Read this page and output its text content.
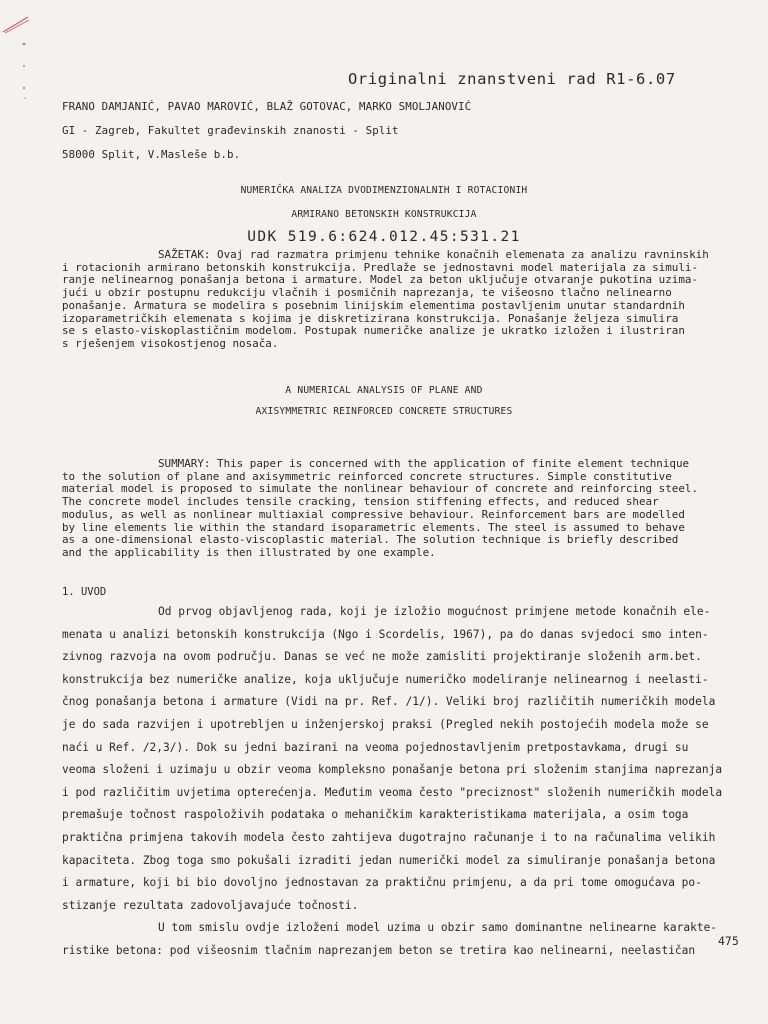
Originalni znanstveni rad R1-6.07
FRANO DAMJANIĆ, PAVAO MAROVIĆ, BLAŽ GOTOVAC, MARKO SMOLJANOVIĆ
GI - Zagreb, Fakultet građevinskih znanosti - Split
58000 Split, V.Masleše b.b.
NUMERIČKA ANALIZA DVODIMENZIONALNIH I ROTACIONIH
ARMIRANO BETONSKIH KONSTRUKCIJA
UDK 519.6:624.012.45:531.21
SAŽETAK: Ovaj rad razmatra primjenu tehnike konačnih elemenata za analizu ravninskih
i rotacionih armirano betonskih konstrukcija. Predlaže se jednostavni model materijala za simuli-
ranje nelinearnog ponašanja betona i armature. Model za beton uključuje otvaranje pukotina uzima-
jući u obzir postupnu redukciju vlačnih i posmičnih naprezanja, te višeosno tlačno nelinearno
ponašanje. Armatura se modelira s posebnim linijskim elementima postavljenim unutar standardnih
izoparametričkih elemenata s kojima je diskretizirana konstrukcija. Ponašanje željeza simulira
se s elasto-viskoplastičnim modelom. Postupak numeričke analize je ukratko izložen i ilustriran
s rješenjem visokostjenog nosača.
A NUMERICAL ANALYSIS OF PLANE AND
AXISYMMETRIC REINFORCED CONCRETE STRUCTURES
SUMMARY: This paper is concerned with the application of finite element technique
to the solution of plane and axisymmetric reinforced concrete structures. Simple constitutive
material model is proposed to simulate the nonlinear behaviour of concrete and reinforcing steel.
The concrete model includes tensile cracking, tension stiffening effects, and reduced shear
modulus, as well as nonlinear multiaxial compressive behaviour. Reinforcement bars are modelled
by line elements lie within the standard isoparametric elements. The steel is assumed to behave
as a one-dimensional elasto-viscoplastic material. The solution technique is briefly described
and the applicability is then illustrated by one example.
1. UVOD
Od prvog objavljenog rada, koji je izložio mogućnost primjene metode konačnih ele-
menata u analizi betonskih konstrukcija (Ngo i Scordelis, 1967), pa do danas svjedoci smo inten-
zivnog razvoja na ovom području. Danas se već ne može zamisliti projektiranje složenih arm.bet.
konstrukcija bez numeričke analize, koja uključuje numeričko modeliranje nelinearnog i neelasti-
čnog ponašanja betona i armature (Vidi na pr. Ref. /1/). Veliki broj različitih numeričkih modela
je do sada razvijen i upotrebljen u inženjerskoj praksi (Pregled nekih postojećih modela može se
naći u Ref. /2,3/). Dok su jedni bazirani na veoma pojednostavljenim pretpostavkama, drugi su
veoma složeni i uzimaju u obzir veoma kompleksno ponašanje betona pri složenim stanjima naprezanja
i pod različitim uvjetima opterećenja. Međutim veoma često "preciznost" složenih numeričkih modela
premašuje točnost raspoloživih podataka o mehaničkim karakteristikama materijala, a osim toga
praktična primjena takovih modela često zahtijeva dugotrajno računanje i to na računalima velikih
kapaciteta. Zbog toga smo pokušali izraditi jedan numerički model za simuliranje ponašanja betona
i armature, koji bi bio dovoljno jednostavan za praktičnu primjenu, a da pri tome omogućava po-
stizanje rezultata zadovoljavajuće točnosti.
U tom smislu ovdje izloženi model uzima u obzir samo dominantne nelinearne karakte-
ristike betona: pod višeosnim tlačnim naprezanjem beton se tretira kao nelinearni, neelastičan
475
